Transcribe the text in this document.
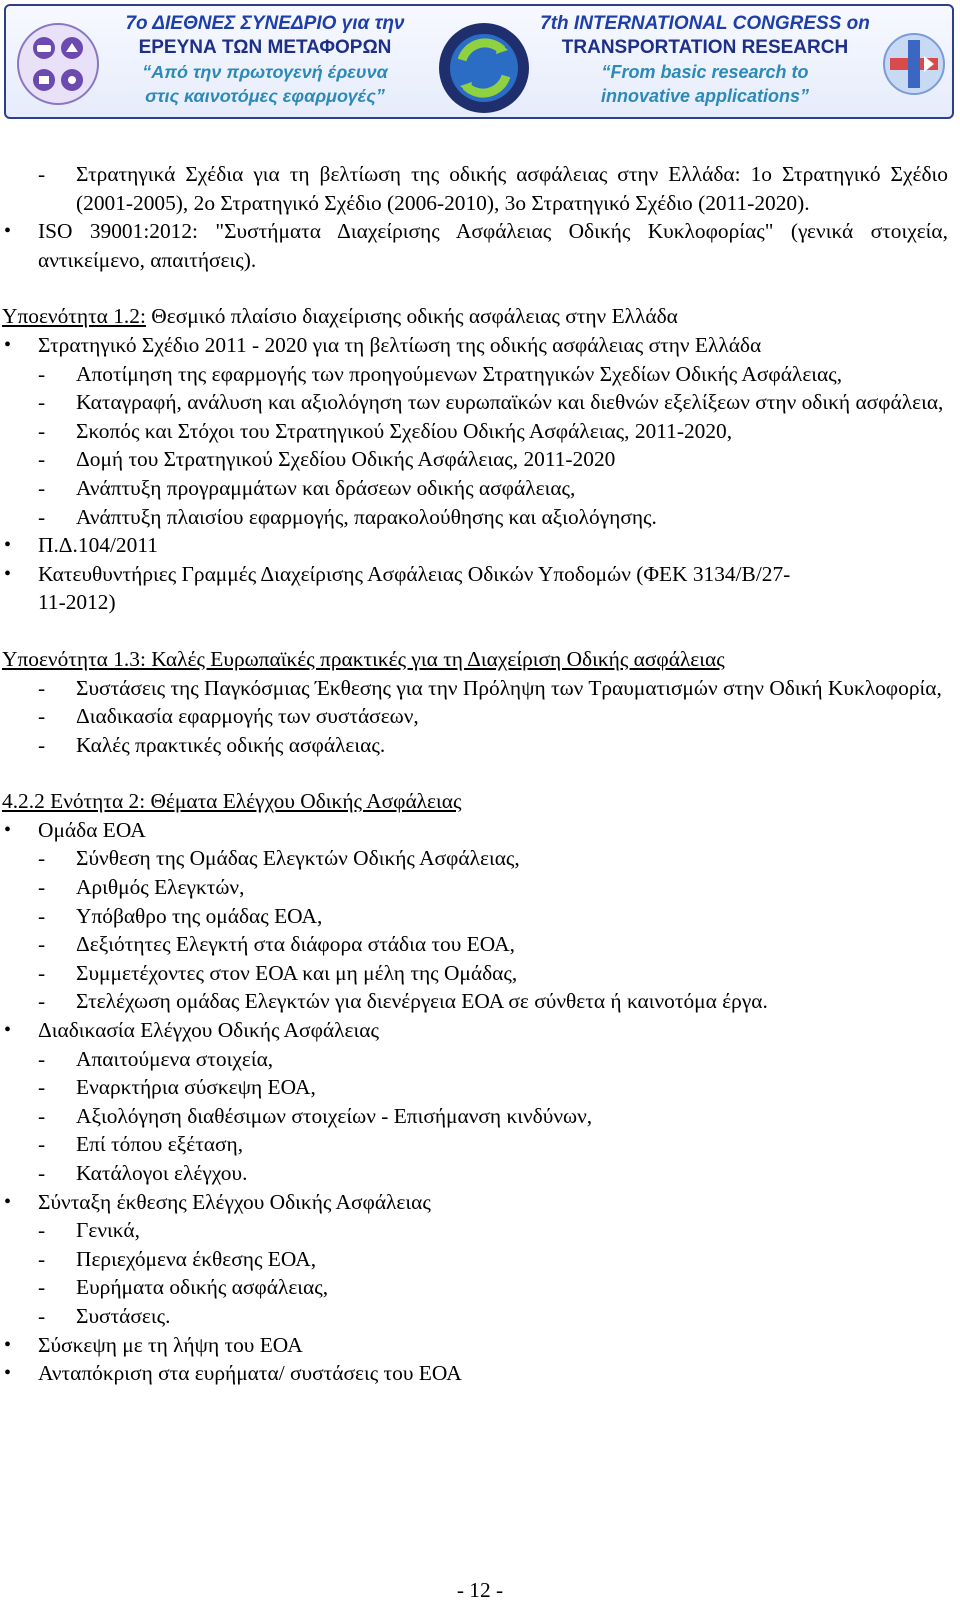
7ο ΔΙΕΘΝΕΣ ΣΥΝΕΔΡΙΟ για την
ΕΡΕΥΝΑ ΤΩΝ ΜΕΤΑΦΟΡΩΝ
“Από την πρωτογενή έρευνα
στις καινοτόμες εφαρμογές”
7th INTERNATIONAL CONGRESS on
TRANSPORTATION RESEARCH
“From basic research to
innovative applications”
- Στρατηγικά Σχέδια για τη βελτίωση της οδικής ασφάλειας στην Ελλάδα: 1ο Στρατηγικό Σχέδιο (2001-2005), 2ο Στρατηγικό Σχέδιο (2006-2010), 3ο Στρατηγικό Σχέδιο (2011-2020).
• ISO 39001:2012: "Συστήματα Διαχείρισης Ασφάλειας Οδικής Κυκλοφορίας" (γενικά στοιχεία, αντικείμενο, απαιτήσεις).
Υποενότητα 1.2: Θεσμικό πλαίσιο διαχείρισης οδικής ασφάλειας στην Ελλάδα
• Στρατηγικό Σχέδιο 2011 - 2020 για τη βελτίωση της οδικής ασφάλειας στην Ελλάδα
- Αποτίμηση της εφαρμογής των προηγούμενων Στρατηγικών Σχεδίων Οδικής Ασφάλειας,
- Καταγραφή, ανάλυση και αξιολόγηση των ευρωπαϊκών και διεθνών εξελίξεων στην οδική ασφάλεια,
- Σκοπός και Στόχοι του Στρατηγικού Σχεδίου Οδικής Ασφάλειας, 2011-2020,
- Δομή του Στρατηγικού Σχεδίου Οδικής Ασφάλειας, 2011-2020
- Ανάπτυξη προγραμμάτων και δράσεων οδικής ασφάλειας,
- Ανάπτυξη πλαισίου εφαρμογής, παρακολούθησης και αξιολόγησης.
• Π.Δ.104/2011
• Κατευθυντήριες Γραμμές Διαχείρισης Ασφάλειας Οδικών Υποδομών (ΦΕΚ 3134/Β/27-
11-2012)
Υποενότητα 1.3: Καλές Ευρωπαϊκές πρακτικές για τη Διαχείριση Οδικής ασφάλειας
- Συστάσεις της Παγκόσμιας Έκθεσης για την Πρόληψη των Τραυματισμών στην Οδική Κυκλοφορία,
- Διαδικασία εφαρμογής των συστάσεων,
- Καλές πρακτικές οδικής ασφάλειας.
4.2.2 Ενότητα 2: Θέματα Ελέγχου Οδικής Ασφάλειας
• Ομάδα ΕΟΑ
- Σύνθεση της Ομάδας Ελεγκτών Οδικής Ασφάλειας,
- Αριθμός Ελεγκτών,
- Υπόβαθρο της ομάδας ΕΟΑ,
- Δεξιότητες Ελεγκτή στα διάφορα στάδια του ΕΟΑ,
- Συμμετέχοντες στον ΕΟΑ και μη μέλη της Ομάδας,
- Στελέχωση ομάδας Ελεγκτών για διενέργεια ΕΟΑ σε σύνθετα ή καινοτόμα έργα.
• Διαδικασία Ελέγχου Οδικής Ασφάλειας
- Απαιτούμενα στοιχεία,
- Εναρκτήρια σύσκεψη ΕΟΑ,
- Αξιολόγηση διαθέσιμων στοιχείων - Επισήμανση κινδύνων,
- Επί τόπου εξέταση,
- Κατάλογοι ελέγχου.
• Σύνταξη έκθεσης Ελέγχου Οδικής Ασφάλειας
- Γενικά,
- Περιεχόμενα έκθεσης ΕΟΑ,
- Ευρήματα οδικής ασφάλειας,
- Συστάσεις.
• Σύσκεψη με τη λήψη του ΕΟΑ
• Ανταπόκριση στα ευρήματα/ συστάσεις του ΕΟΑ
- 12 -
